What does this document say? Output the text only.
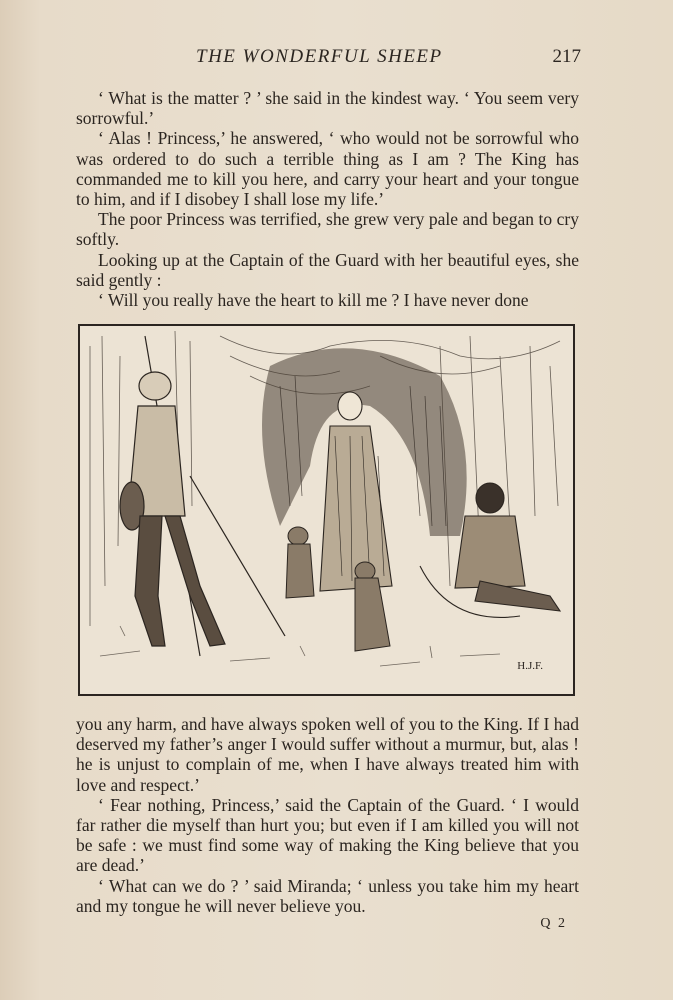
THE WONDERFUL SHEEP	217

‘ What is the matter ? ’ she said in the kindest way. ‘ You seem very sorrowful.’

‘ Alas ! Princess,’ he answered, ‘ who would not be sorrowful who was ordered to do such a terrible thing as I am ? The King has commanded me to kill you here, and carry your heart and your tongue to him, and if I disobey I shall lose my life.’

The poor Princess was terrified, she grew very pale and began to cry softly.

Looking up at the Captain of the Guard with her beautiful eyes, she said gently :

‘ Will you really have the heart to kill me ? I have never done

H.J.F.

you any harm, and have always spoken well of you to the King. If I had deserved my father’s anger I would suffer without a murmur, but, alas ! he is unjust to complain of me, when I have always treated him with love and respect.’

‘ Fear nothing, Princess,’ said the Captain of the Guard. ‘ I would far rather die myself than hurt you; but even if I am killed you will not be safe : we must find some way of making the King believe that you are dead.’

‘ What can we do ? ’ said Miranda; ‘ unless you take him my heart and my tongue he will never believe you.

Q 2
